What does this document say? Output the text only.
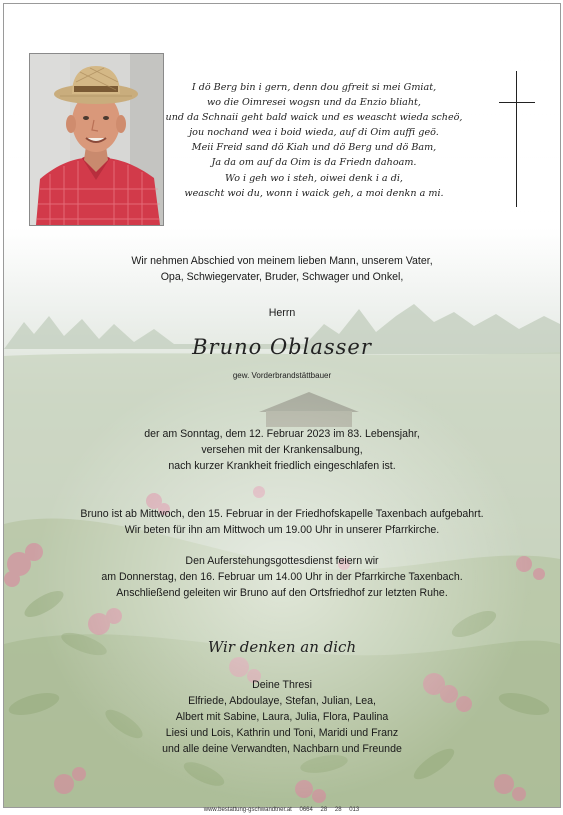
I dö Berg bin i gern, denn dou gfreit si mei Gmiat,
wo die Oimresei wogsn und da Enzio bliaht,
und da Schnaii geht bald waick und es weascht wieda scheö,
jou nochand wea i boid wieda, auf di Oim auffi geö.
Meii Freid sand dö Kiah und dö Berg und dö Bam,
Ja da om auf da Oim is da Friedn dahoam.
Wo i geh wo i steh, oiwei denk i a di,
weascht woi du, wonn i waick geh, a moi denkn a mi.
Wir nehmen Abschied von meinem lieben Mann, unserem Vater,
Opa, Schwiegervater, Bruder, Schwager und Onkel,
Herrn
Bruno Oblasser
gew. Vorderbrandstättbauer
der am Sonntag, dem 12. Februar 2023 im 83. Lebensjahr,
versehen mit der Krankensalbung,
nach kurzer Krankheit friedlich eingeschlafen ist.
Bruno ist ab Mittwoch, den 15. Februar in der Friedhofskapelle Taxenbach aufgebahrt.
Wir beten für ihn am Mittwoch um 19.00 Uhr in unserer Pfarrkirche.
Den Auferstehungsgottesdienst feiern wir
am Donnerstag, den 16. Februar um 14.00 Uhr in der Pfarrkirche Taxenbach.
Anschließend geleiten wir Bruno auf den Ortsfriedhof zur letzten Ruhe.
Wir denken an dich
Deine Thresi
Elfriede, Abdoulaye, Stefan, Julian, Lea,
Albert mit Sabine, Laura, Julia, Flora, Paulina
Liesi und Lois, Kathrin und Toni, Maridi und Franz
und alle deine Verwandten, Nachbarn und Freunde
www.bestattung-gschwandtner.at 0664 28 28 013
